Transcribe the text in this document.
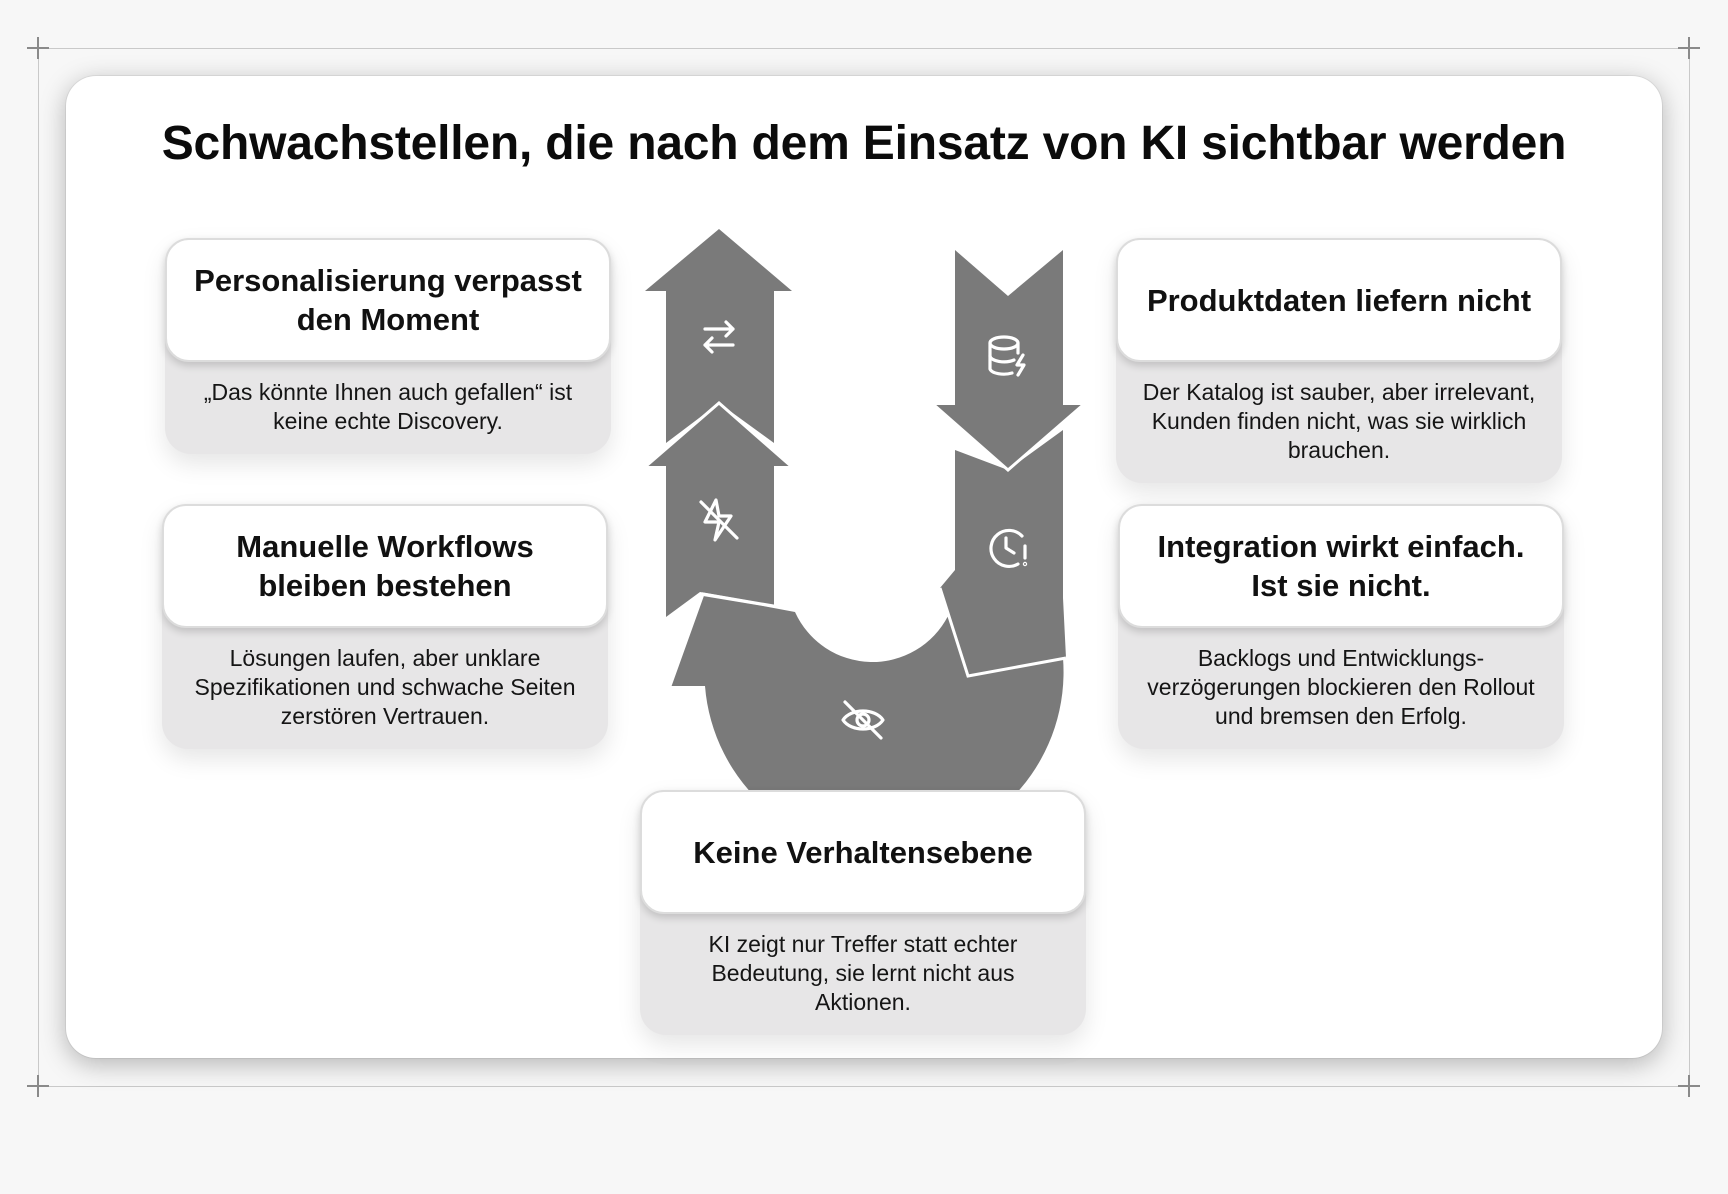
Schwachstellen, die nach dem Einsatz von KI sichtbar werden
Personalisierung verpasst den Moment
„Das könnte Ihnen auch gefallen“ ist keine echte Discovery.
Manuelle Workflows bleiben bestehen
Lösungen laufen, aber unklare Spezifikationen und schwache Seiten zerstören Vertrauen.
Produktdaten liefern nicht
Der Katalog ist sauber, aber irrelevant, Kunden finden nicht, was sie wirklich brauchen.
Integration wirkt einfach. Ist sie nicht.
Backlogs und Entwicklungs-verzögerungen blockieren den Rollout und bremsen den Erfolg.
Keine Verhaltensebene
KI zeigt nur Treffer statt echter Bedeutung, sie lernt nicht aus Aktionen.
